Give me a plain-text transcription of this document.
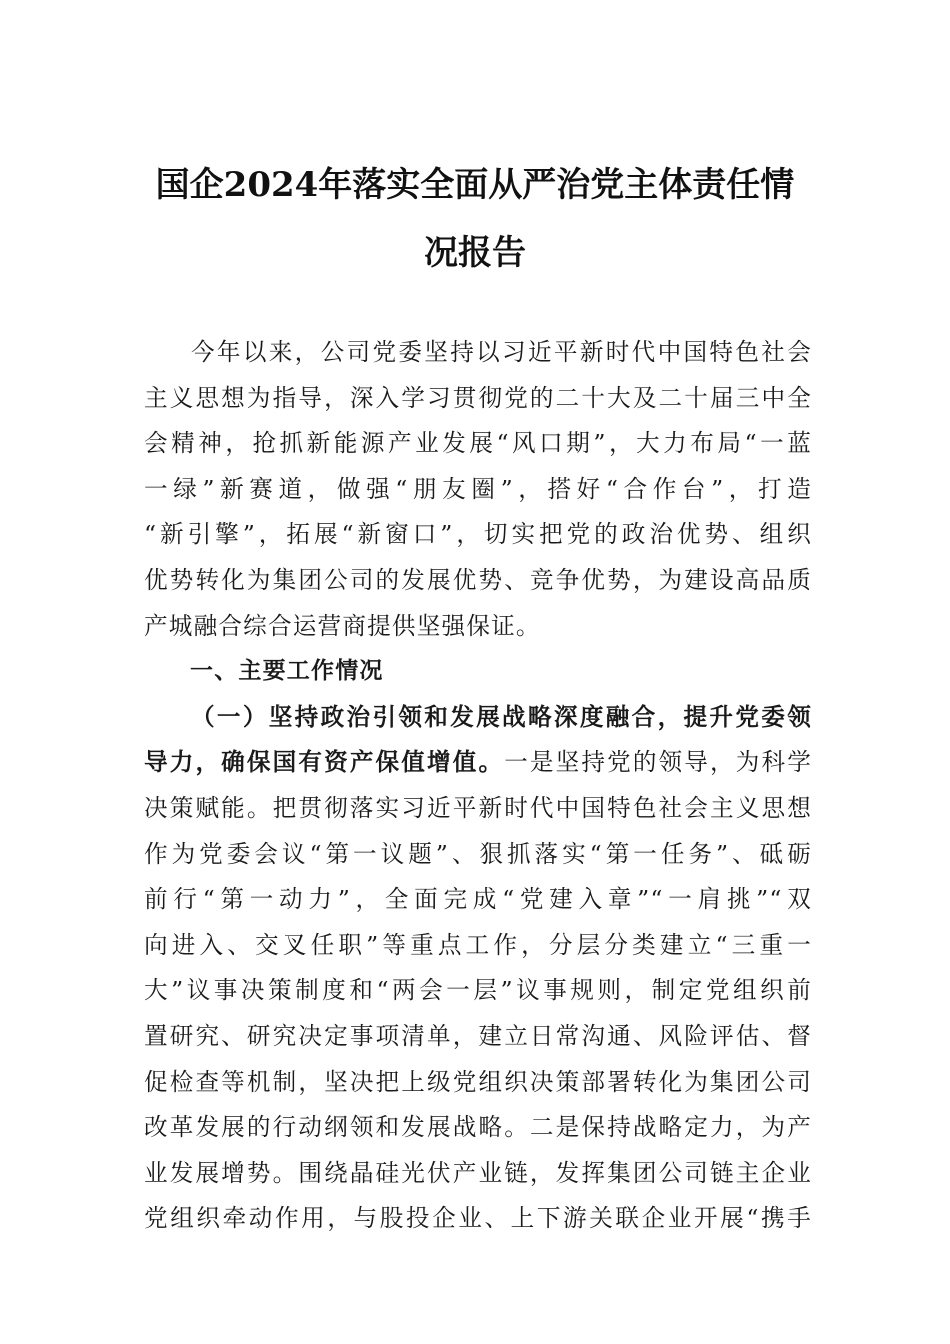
国企2024年落实全面从严治党主体责任情
况报告
今年以来，公司党委坚持以习近平新时代中国特色社会
主义思想为指导，深入学习贯彻党的二十大及二十届三中全
会精神，抢抓新能源产业发展“风口期”，大力布局“一蓝
一绿”新赛道，做强“朋友圈”，搭好“合作台”，打造
“新引擎”，拓展“新窗口”，切实把党的政治优势、组织
优势转化为集团公司的发展优势、竞争优势，为建设高品质
产城融合综合运营商提供坚强保证。

一、主要工作情况

（一）坚持政治引领和发展战略深度融合，提升党委领
导力，确保国有资产保值增值。一是坚持党的领导，为科学
决策赋能。把贯彻落实习近平新时代中国特色社会主义思想
作为党委会议“第一议题”、狠抓落实“第一任务”、砥砺
前行“第一动力”，全面完成“党建入章”“一肩挑”“双
向进入、交叉任职”等重点工作，分层分类建立“三重一
大”议事决策制度和“两会一层”议事规则，制定党组织前
置研究、研究决定事项清单，建立日常沟通、风险评估、督
促检查等机制，坚决把上级党组织决策部署转化为集团公司
改革发展的行动纲领和发展战略。二是保持战略定力，为产
业发展增势。围绕晶硅光伏产业链，发挥集团公司链主企业
党组织牵动作用，与股投企业、上下游关联企业开展“携手
